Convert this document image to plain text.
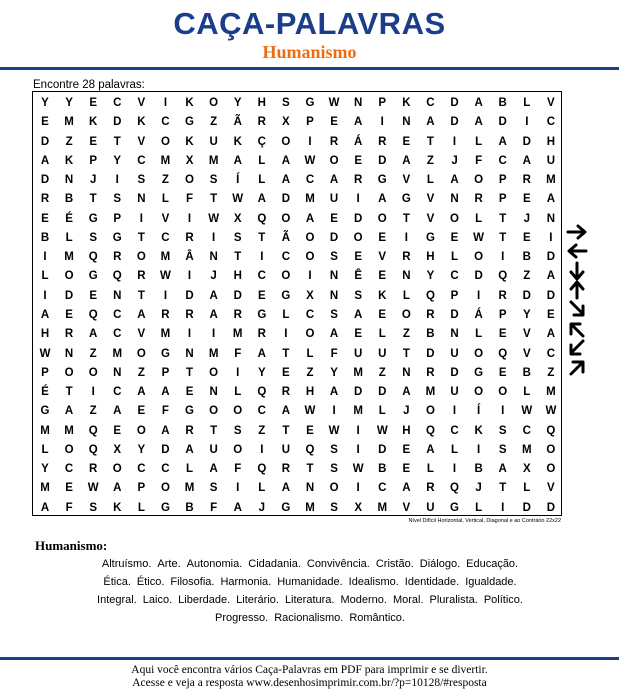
CAÇA-PALAVRAS
Humanismo
Encontre 28 palavras:
Y	Y	E	C	V	I	K	O	Y	H	S	G	W	N	P	K	C	D	A	B	L	V
E	M	K	D	K	C	G	Z	Ã	R	X	P	E	A	I	N	A	D	A	D	I	C
D	Z	E	T	V	O	K	U	K	Ç	O	I	R	Á	R	E	T	I	L	A	D	H
A	K	P	Y	C	M	X	M	A	L	A	W	O	E	D	A	Z	J	F	C	A	U
D	N	J	I	S	Z	O	S	Í	L	A	C	A	R	G	V	L	A	O	P	R	M
R	B	T	S	N	L	F	T	W	A	D	M	U	I	A	G	V	N	R	P	E	A
E	É	G	P	I	V	I	W	X	Q	O	A	E	D	O	T	V	O	L	T	J	N
B	L	S	G	T	C	R	I	S	T	Ã	O	D	O	E	I	G	E	W	T	E	I
I	M	Q	R	O	M	Â	N	T	I	C	O	S	E	V	R	H	L	O	I	B	D
L	O	G	Q	R	W	I	J	H	C	O	I	N	Ê	E	N	Y	C	D	Q	Z	A
I	D	E	N	T	I	D	A	D	E	G	X	N	S	K	L	Q	P	I	R	D	D
A	E	Q	C	A	R	R	A	R	G	L	C	S	A	E	O	R	D	Á	P	Y	E
H	R	A	C	V	M	I	I	M	R	I	O	A	E	L	Z	B	N	L	E	V	A
W	N	Z	M	O	G	N	M	F	A	T	L	F	U	U	T	D	U	O	Q	V	C
P	O	O	N	Z	P	T	O	I	Y	E	Z	Y	M	Z	N	R	D	G	E	B	Z
É	T	I	C	A	A	E	N	L	Q	R	H	A	D	D	A	M	U	O	O	L	M
G	A	Z	A	E	F	G	O	O	C	A	W	I	M	L	J	O	I	Í	I	W	W
M	M	Q	E	O	A	R	T	S	Z	T	E	W	I	W	H	Q	C	K	S	C	Q
L	O	Q	X	Y	D	A	U	O	I	U	Q	S	I	D	E	A	L	I	S	M	O
Y	C	R	O	C	C	L	A	F	Q	R	T	S	W	B	E	L	I	B	A	X	O
M	E	W	A	P	O	M	S	I	L	A	N	O	I	C	A	R	Q	J	T	L	V
A	F	S	K	L	G	B	F	A	J	G	M	S	X	M	V	U	G	L	I	D	D
Nível Difícil Horizontal, Vertical, Diagonal e ao Contrário 22x22
Humanismo:
Altruísmo. Arte. Autonomia. Cidadania. Convivência. Cristão. Diálogo. Educação.
Ética. Ético. Filosofia. Harmonia. Humanidade. Idealismo. Identidade. Igualdade.
Integral. Laico. Liberdade. Literário. Literatura. Moderno. Moral. Pluralista. Político.
Progresso. Racionalismo. Romântico.
Aqui você encontra vários Caça-Palavras em PDF para imprimir e se divertir.
Acesse e veja a resposta www.desenhosimprimir.com.br/?p=10128/#resposta
